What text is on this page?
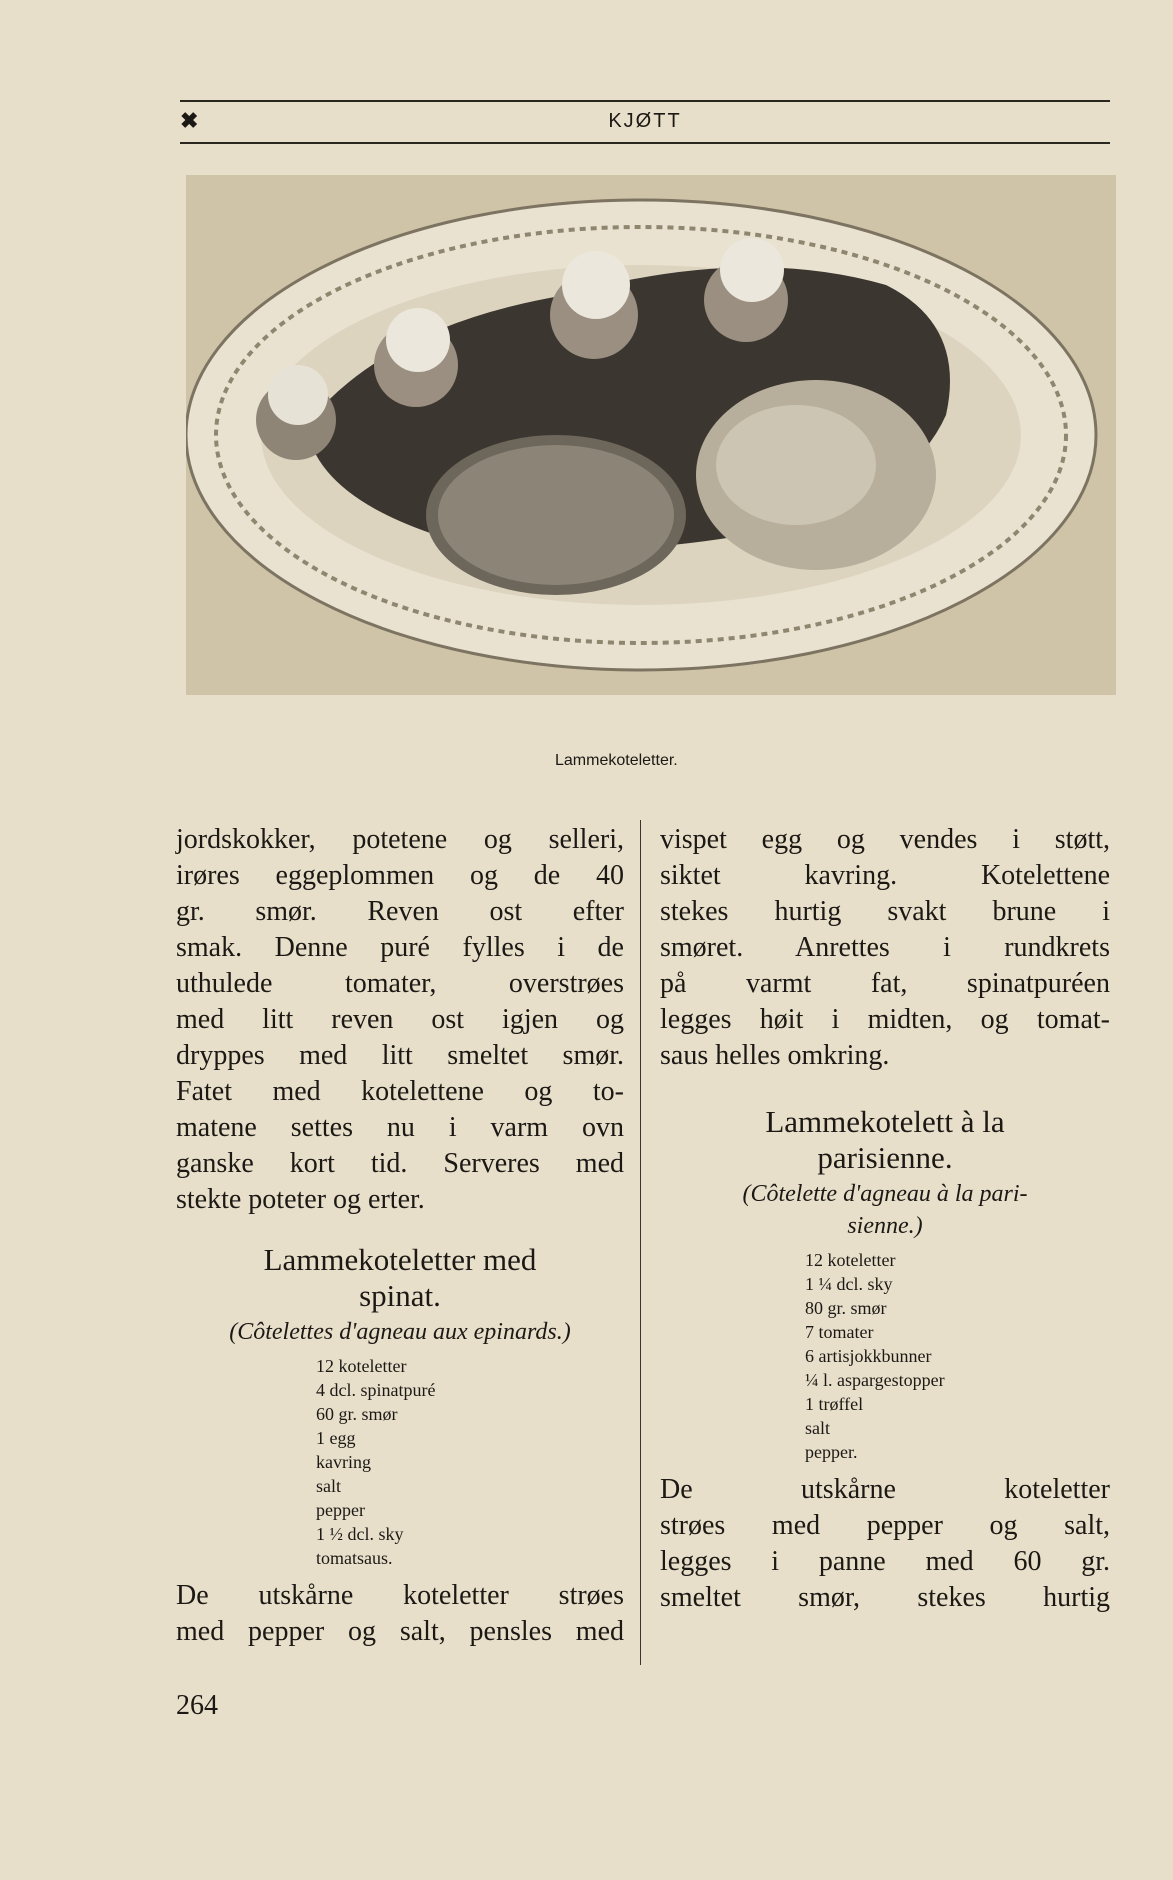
✖	KJØTT
Lammekoteletter.

jordskokker, potetene og selleri,

irøres eggeplommen og de 40

gr. smør. Reven ost efter

smak. Denne puré fylles i de

uthulede tomater, overstrøes

med litt reven ost igjen og

dryppes med litt smeltet smør.

Fatet med kotelettene og to-

matene settes nu i varm ovn

ganske kort tid. Serveres med

stekte poteter og erter.

Lammekoteletter med
spinat.
(Côtelettes d'agneau aux epinards.)
12 koteletter
4 dcl. spinatpuré
60 gr. smør
1 egg
kavring
salt
pepper
1 ½ dcl. sky
tomatsaus.

De utskårne koteletter strøes

med pepper og salt, pensles med

vispet egg og vendes i støtt,

siktet kavring. Kotelettene

stekes hurtig svakt brune i

smøret. Anrettes i rundkrets

på varmt fat, spinatpuréen

legges høit i midten, og tomat-

saus helles omkring.

Lammekotelett à la
parisienne.
(Côtelette d'agneau à la pari-
sienne.)
12 koteletter
1 ¼ dcl. sky
80 gr. smør
7 tomater
6 artisjokkbunner
¼ l. aspargestopper
1 trøffel
salt
pepper.

De utskårne koteletter

strøes med pepper og salt,

legges i panne med 60 gr.

smeltet smør, stekes hurtig

264
